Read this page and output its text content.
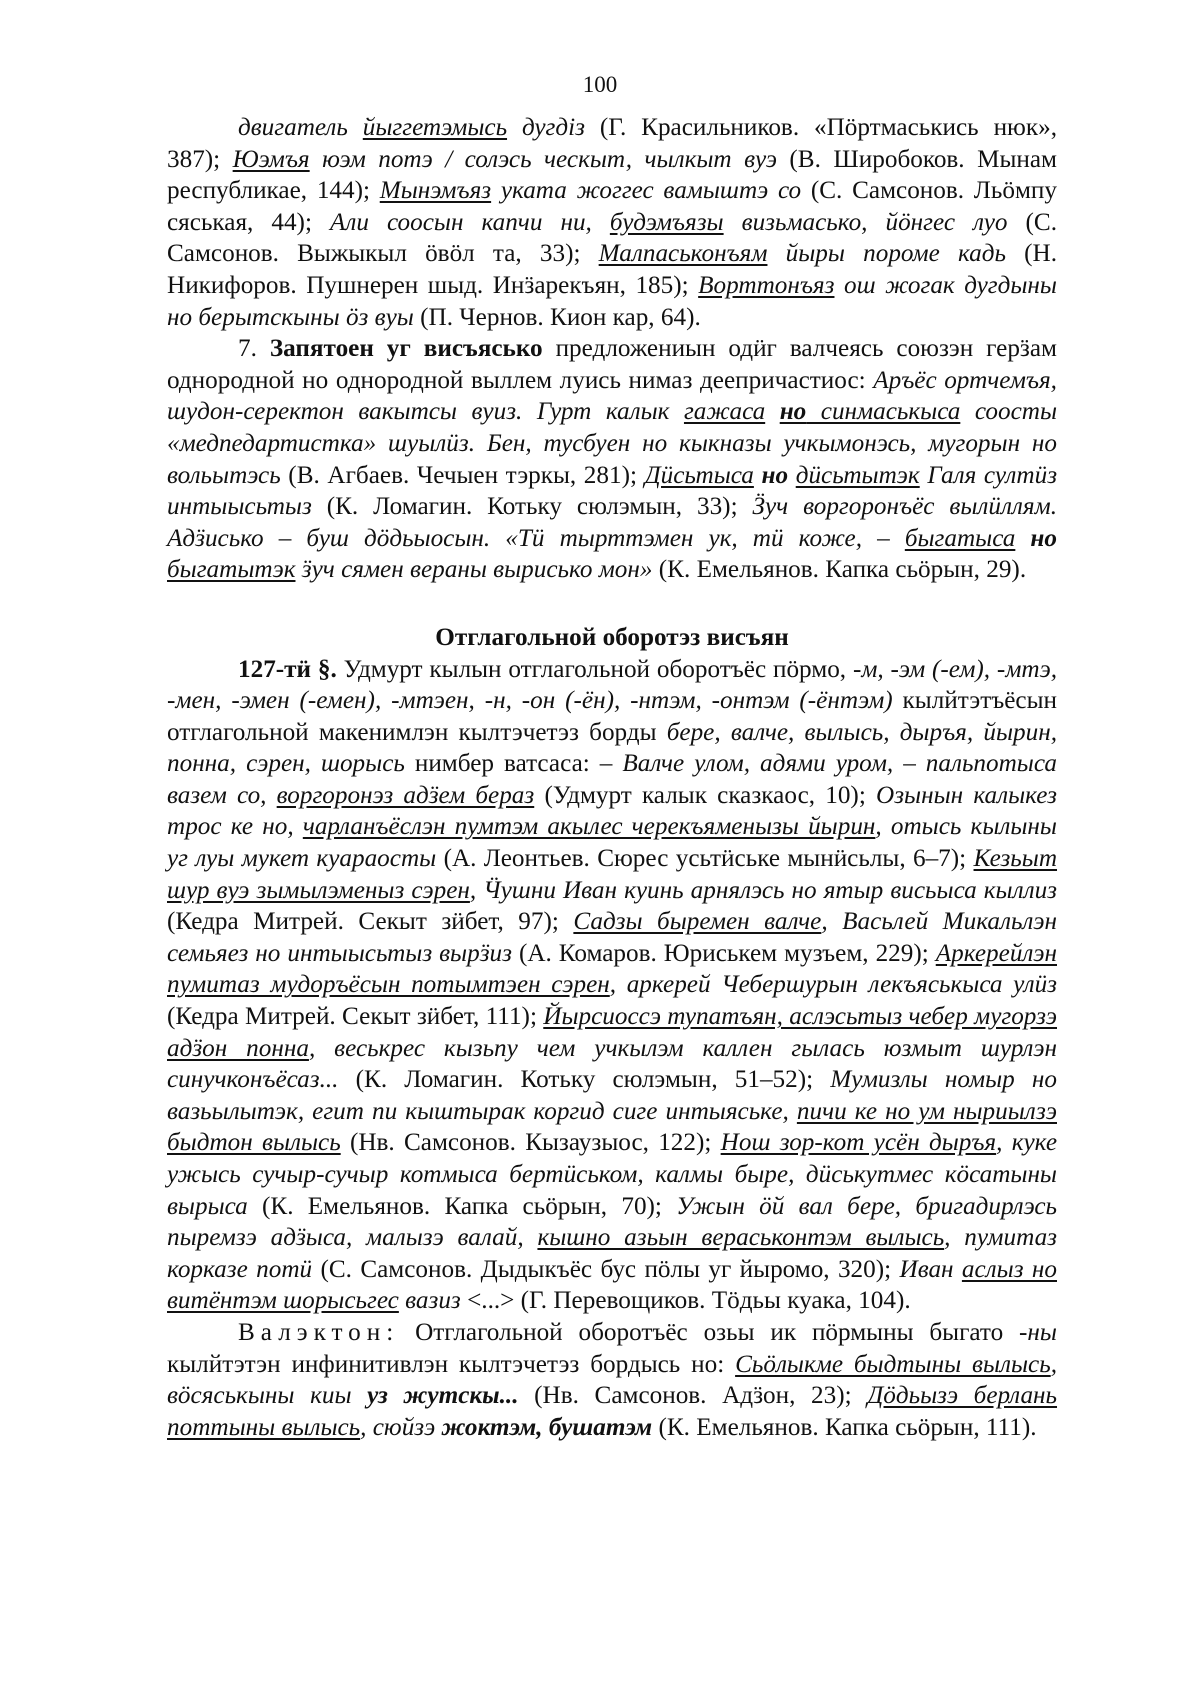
100

двигатель йыггетэмысь дугдiз (Г. Красильников. «Пöртмаськись нюк», 387); Юэмъя юэм потэ / солэсь ческыт, чылкыт вуэ (В. Широбоков. Мынам республикае, 144); Мынэмъяз уката жоггес вамыштэ со (С. Самсонов. Льöмпу сяськая, 44); Али соосын капчи ни, будэмъязы визьмасько, йöнгес луо (С. Самсонов. Выжыкыл öвöл та, 33); Малпаськонъям йыры пороме кадь (Н. Никифоров. Пушнерен шыд. Инӟарекъян, 185); Ворттонъяз ош жогак дугдыны но берытскыны öз вуы (П. Чернов. Кион кар, 64).

7. Запятоен уг висъясько предложениын одӥг валчеясь союзэн герӟам однородной но однородной выллем луись нимаз деепричастиос: Аръёс ортчемъя, шудон-серектон вакытсы вуиз. Гурт калык гажаса но синмаськыса соосты «медпедартистка» шуылӥз. Бен, тусбуен но кыкназы учкымонэсь, мугорын но вольытэсь (В. Агбаев. Чечыен тэркы, 281); Дӥсьтыса но дӥсьтытэк Галя султӥз интыысьтыз (К. Ломагин. Котьку сюлэмын, 33); Ӟуч воргоронъёс вылӥллям. Адӟисько – буш дӧдьыосын. «Тӥ тырттэмен ук, тӥ коже, – быгатыса но быгатытэк ӟуч сямен вераны вырисько мон» (К. Емельянов. Капка сьöрын, 29).

Отглагольной оборотэз висъян

127-тӥ §. Удмурт кылын отглагольной оборотъёс пöрмо, -м, -эм (-ем), -мтэ, -мен, -эмен (-емен), -мтэен, -н, -он (-ён), -нтэм, -онтэм (-ёнтэм) кылйтэтъёсын отглагольной макенимлэн кылтэчетэз борды бере, валче, вылысь, дыръя, йырин, понна, сэрен, шорысь нимбер ватсаса: – Валче улом, адями уром, – пальпотыса вазем со, воргоронэз адӟем бераз (Удмурт калык сказкаос, 10); Озынын калыкез трос ке но, чарланъёслэн пумтэм акылес черекъяменызы йырин, отысь кылыны уг луы мукет куараосты (А. Леонтьев. Сюрес усьтӥське мынӥсьлы, 6–7); Кезьыт шур вуэ зымылэменыз сэрен, Ӵушни Иван куинь арнялэсь но ятыр висьыса кыллиз (Кедра Митрей. Секыт зӥбет, 97); Садзы быремен валче, Васьлей Микальлэн семьяез но интыысьтыз вырӟиз (А. Комаров. Юриськем музъем, 229); Аркерейлэн пумитаз мудоръёсын потымтэен сэрен, аркерей Чебершурын лекъяськыса улӥз (Кедра Митрей. Секыт зӥбет, 111); Йырсиоссэ тупатъян, аслэсьтыз чебер мугорзэ адӟон понна, веськрес кызьпу чем учкылэм каллен гылась юзмыт шурлэн синучконъёсаз... (К. Ломагин. Котьку сюлэмын, 51–52); Мумизлы номыр но вазьылытэк, егит пи кыштырак коргид сиге интыяське, пичи ке но ум ныриылзэ быдтон вылысь (Нв. Самсонов. Кызаузыос, 122); Нош зор-кот усён дыръя, куке ужысь сучыр-сучыр котмыса бертӥськом, калмы быре, дӥськутмес кöсатыны вырыса (К. Емельянов. Капка сьöрын, 70); Ужын öй вал бере, бригадирлэсь пыремзэ адӟыса, малызэ валай, кышно азьын вераськонтэм вылысь, пумитаз корказе потӥ (С. Самсонов. Дыдыкъёс бус пöлы уг йыромо, 320); Иван аслыз но витёнтэм шорысьгес вазиз <...> (Г. Перевощиков. Тöдьы куака, 104).

Валэктон: Отглагольной оборотъёс озьы ик пöрмыны быгато -ны кылйтэтэн инфинитивлэн кылтэчетэз бордысь но: Сьöлыкме быдтыны вылысь, вöсяськыны киы уз жутскы... (Нв. Самсонов. Адӟон, 23); Дöдьызэ берлань поттыны вылысь, сюйзэ жоктэм, бушатэм (К. Емельянов. Капка сьöрын, 111).
